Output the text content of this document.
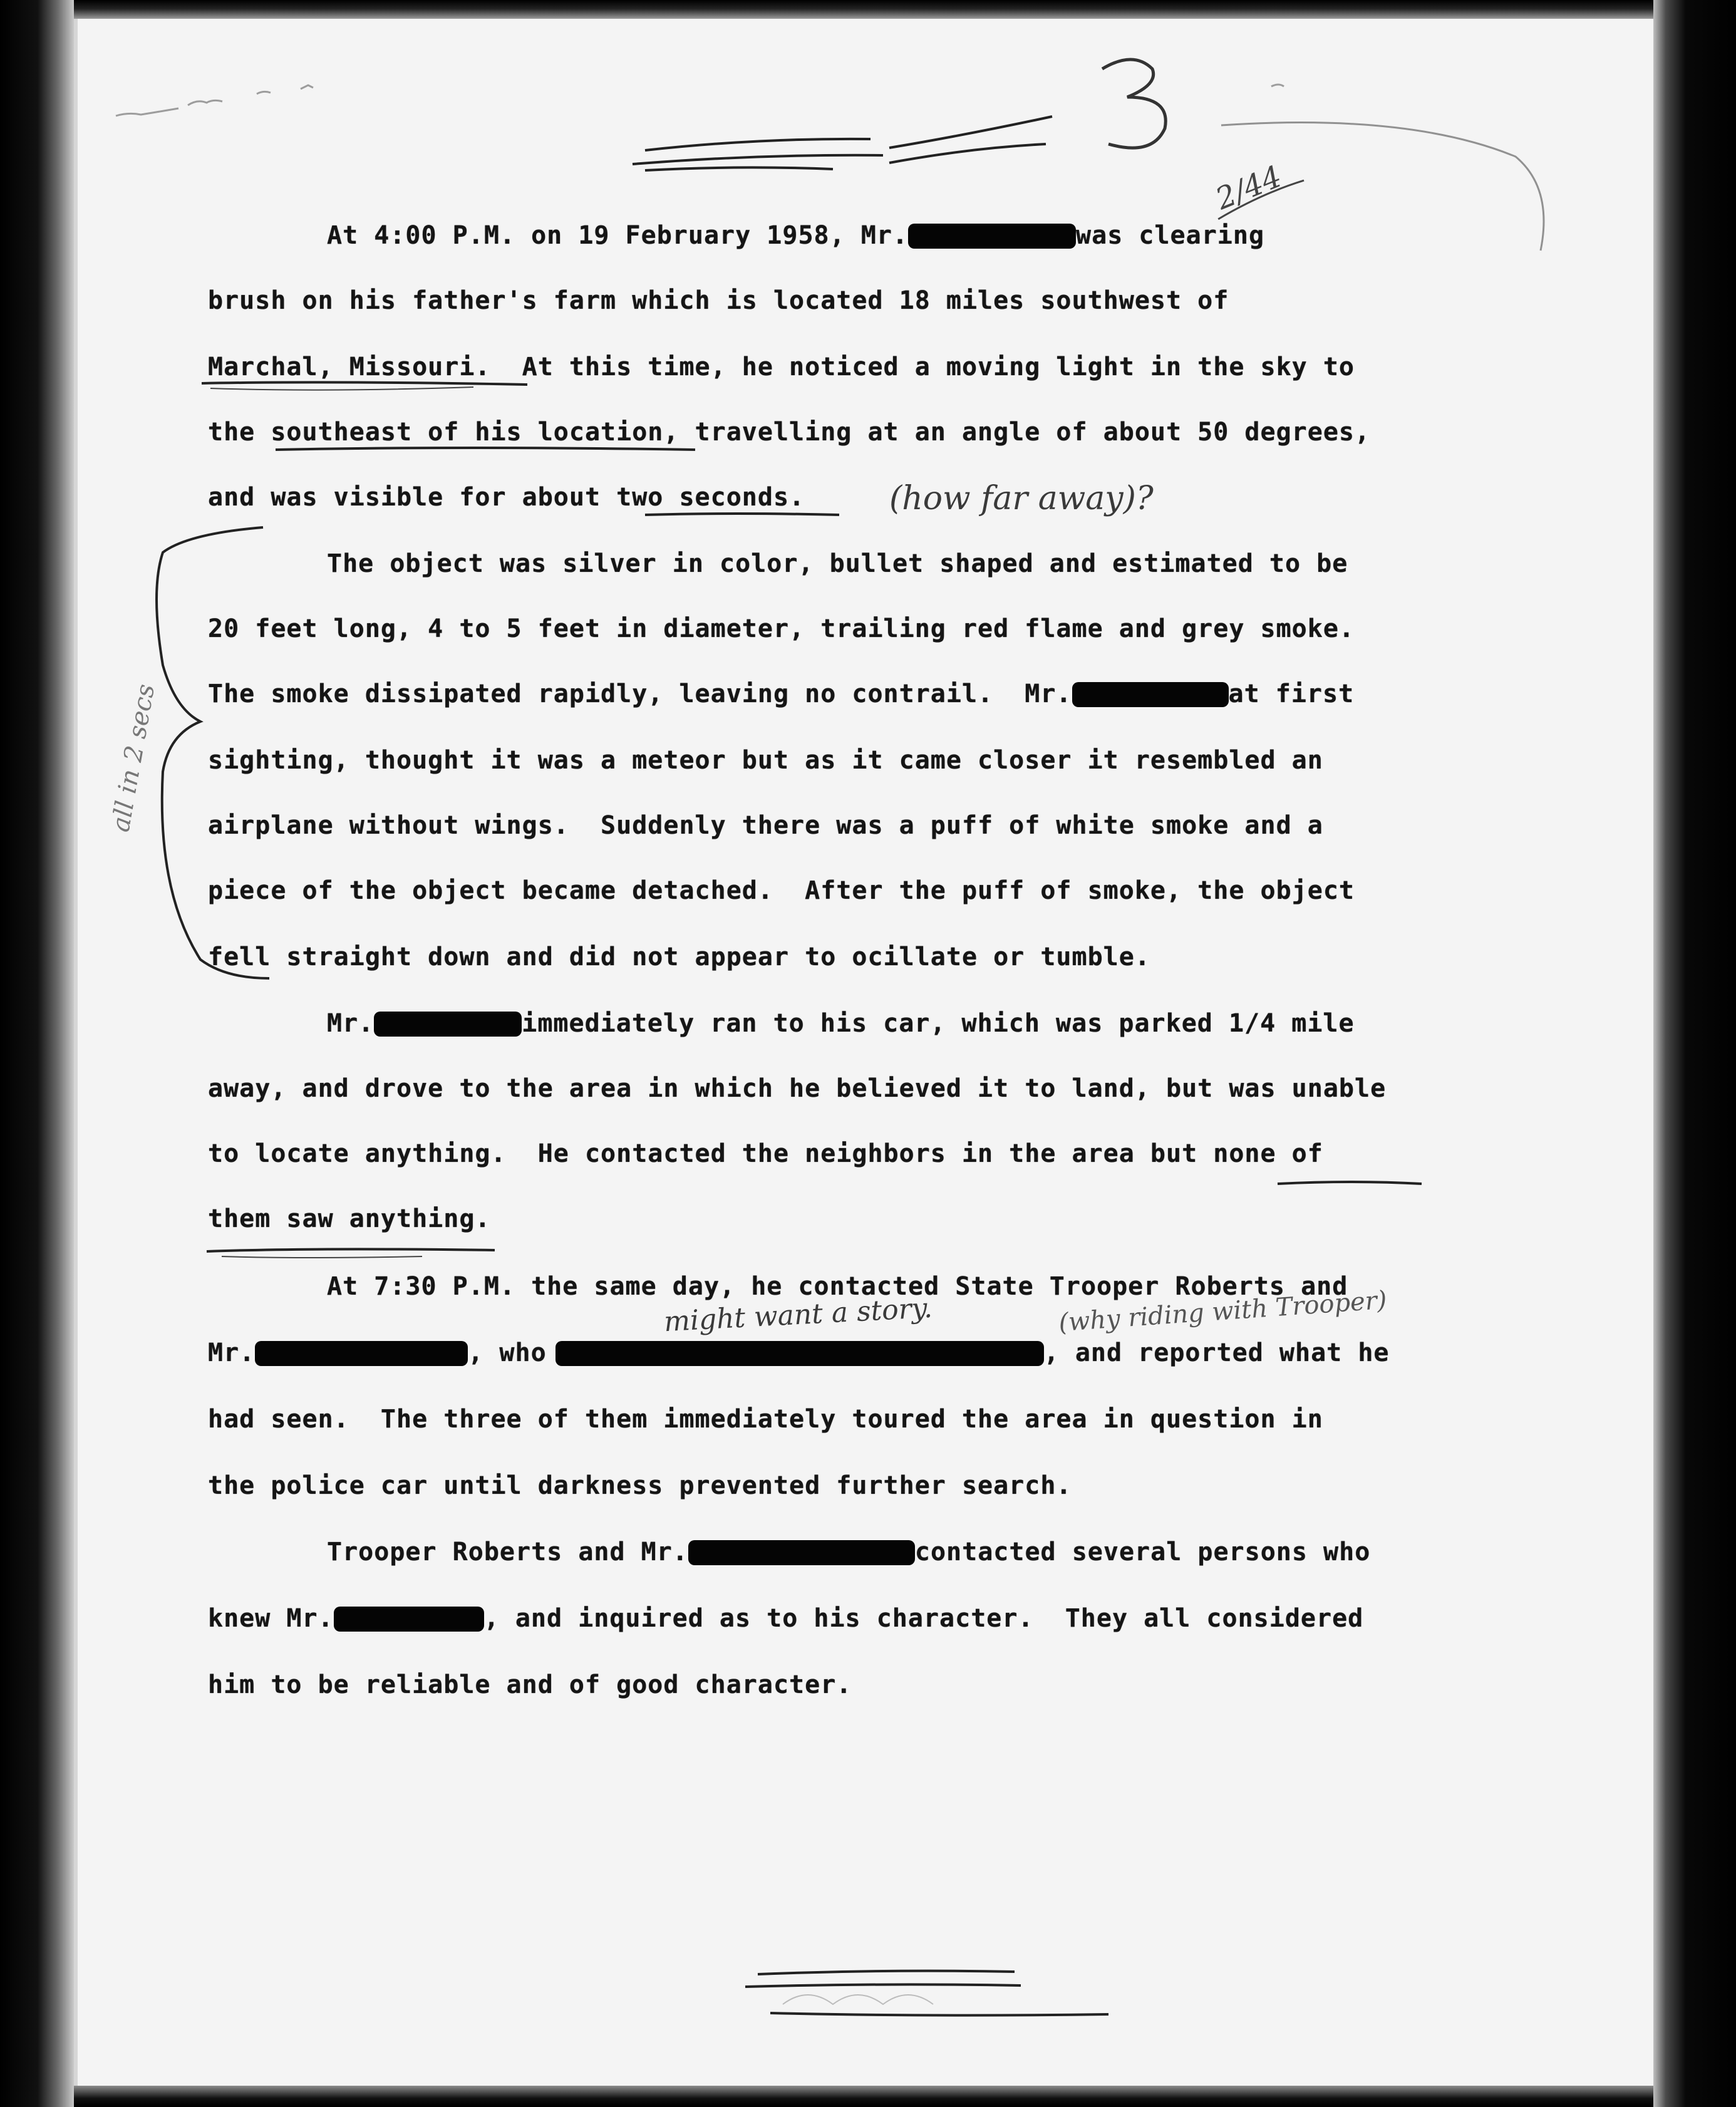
2/44
all in 2 secs
At 4:00 P.M. on 19 February 1958, Mr.	was clearing
brush on his father's farm which is located 18 miles southwest of
Marchal, Missouri.  At this time, he noticed a moving light in the sky to
the southeast of his location, travelling at an angle of about 50 degrees,
and was visible for about two seconds.	(how far away)?
The object was silver in color, bullet shaped and estimated to be
20 feet long, 4 to 5 feet in diameter, trailing red flame and grey smoke.
The smoke dissipated rapidly, leaving no contrail.  Mr.	at first
sighting, thought it was a meteor but as it came closer it resembled an
airplane without wings.  Suddenly there was a puff of white smoke and a
piece of the object became detached.  After the puff of smoke, the object
fell straight down and did not appear to ocillate or tumble.
Mr.	immediately ran to his car, which was parked 1/4 mile
away, and drove to the area in which he believed it to land, but was unable
to locate anything.  He contacted the neighbors in the area but none of
them saw anything.
At 7:30 P.M. the same day, he contacted State Trooper Roberts and
might want a story.	(why riding with Trooper)
Mr.	, who	, and reported what he
had seen.  The three of them immediately toured the area in question in
the police car until darkness prevented further search.
Trooper Roberts and Mr.	contacted several persons who
knew Mr.	, and inquired as to his character.  They all considered
him to be reliable and of good character.
